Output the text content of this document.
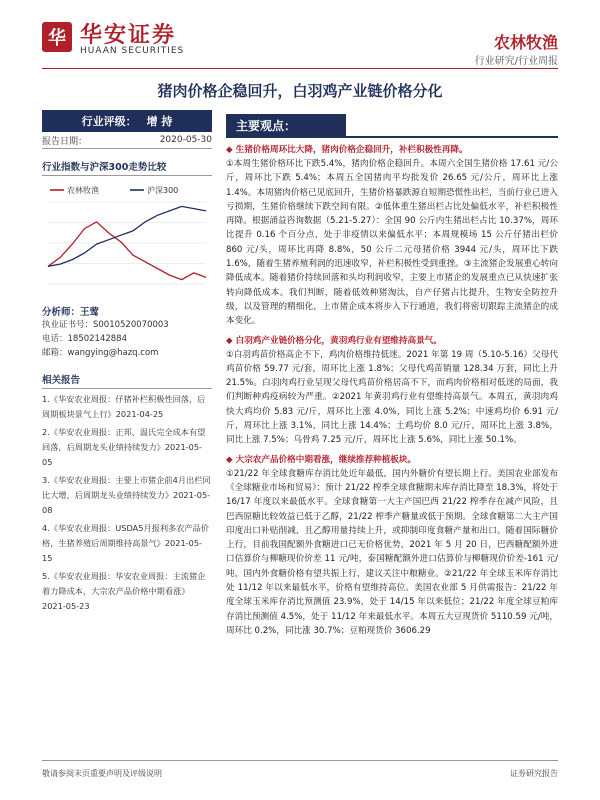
华 华安证券
HUAAN SECURITIES	农林牧渔
行业研究/行业周报
猪肉价格企稳回升，白羽鸡产业链价格分化
行业评级： 增 持
报告日期：	2020-05-30
行业指数与沪深300走势比较
农林牧渔	沪深300
分析师：王莺
执业证书号：S0010520070003
电话：18502142884
邮箱：wangying@hazq.com
相关报告
1.《华安农业周报：仔猪补栏积极性回落，后周期板块景气上行》2021-04-25
2.《华安农业周报：正邦、温氏完全成本有望回落，后周期龙头业绩持续发力》2021-05-05
3.《华安农业周报：主要上市猪企前4月出栏同比大增，后周期龙头业绩持续发力》2021-05-08
4.《华安农业周报：USDA5月报利多农产品价格，生猪养殖后周期维持高景气》2021-05-15
5.《华安农业周报：华安农业周报：主流猪企着力降成本，大宗农产品价格中期看涨》2021-05-23
主要观点：
◆ 生猪价格周环比大降，猪肉价格企稳回升，补栏积极性再降。
①本周生猪价格环比下跌5.4%，猪肉价格企稳回升。本周六全国生猪价格 17.61 元/公斤，周环比下跌 5.4%；本周五全国猪肉平均批发价 26.65 元/公斤，周环比上涨 1.4%。本周猪肉价格已见底回升，生猪价格暴跌源自短期恐慌性出栏，当前行业已进入亏损期，生猪价格继续下跌空间有限。②低体重生猪出栏占比处偏低水平，补栏积极性再降。根据涌益咨询数据（5.21-5.27）：全国 90 公斤内生猪出栏占比 10.37%，周环比提升 0.16 个百分点，处于非疫情以来偏低水平；本周规模场 15 公斤仔猪出栏价 860 元/头，周环比再降 8.8%，50 公斤二元母猪价格 3944 元/头，周环比下跌 1.6%，随着生猪养殖利润的迅速收窄，补栏积极性受到重挫。③主流猪企发展重心转向降低成本。随着猪价持续回落和头均利润收窄，主要上市猪企的发展重点已从快速扩张转向降低成本。我们判断，随着低效种猪淘汰，自产仔猪占比提升，生物安全防控升级，以及管理的精细化，上市猪企成本将步入下行通道，我们将密切跟踪主流猪企的成本变化。
◆ 白羽鸡产业链价格分化，黄羽鸡行业有望维持高景气。
①白羽鸡苗价格高企不下，鸡肉价格维持低迷。2021 年第 19 周（5.10-5.16）父母代鸡苗价格 59.77 元/套，周环比上涨 1.8%；父母代鸡苗销量 128.34 万套，同比上升 21.5%。白羽肉鸡行业呈现父母代鸡苗价格居高不下，而鸡肉价格相对低迷的局面，我们判断种鸡疫病较为严重。②2021 年黄羽鸡行业有望维持高景气。本周五，黄羽肉鸡快大鸡均价 5.83 元/斤，周环比上涨 4.0%，同比上涨 5.2%；中速鸡均价 6.91 元/斤，周环比上涨 3.1%，同比上涨 14.4%；土鸡均价 8.0 元/斤，周环比上涨 3.8%，同比上涨 7.5%；乌骨鸡 7.25 元/斤，周环比上涨 5.6%，同比上涨 50.1%。
◆ 大宗农产品价格中期看涨，继续推荐种植板块。
①21/22 年全球食糖库存消比处近年最低，国内外糖价有望长期上行。美国农业部发布《全球糖业市场和贸易》：预计 21/22 榨季全球食糖期末库存消比降至 18.3%，将处于 16/17 年度以来最低水平。全球食糖第一大主产国巴西 21/22 榨季存在减产风险，且巴西原糖比较效益已低于乙醇，21/22 榨季产糖量或低于预期。全球食糖第二大主产国印度出口补贴削减，且乙醇用量持续上升，或抑制印度食糖产量和出口。随着国际糖价上行，目前我国配额外食糖进口已无价格优势，2021 年 5 月 20 日，巴西糖配额外进口估算价与柳糖现价价差 11 元/吨，泰国糖配额外进口估算价与柳糖现价价差-161 元/吨，国内外食糖价格有望共振上行，建议关注中粮糖业。②21/22 年全球玉米库存消比处 11/12 年以来最低水平，价格有望维持高位。美国农业部 5 月供需报告：21/22 年度全球玉米库存消比预测值 23.9%，处于 14/15 年以来低位；21/22 年度全球豆粕库存消比预测值 4.5%，处于 11/12 年来最低水平。本周五大豆现货价 5110.59 元/吨，周环比 0.2%，同比涨 30.7%；豆粕现货价 3606.29
敬请参阅末页重要声明及评级说明	证券研究报告
